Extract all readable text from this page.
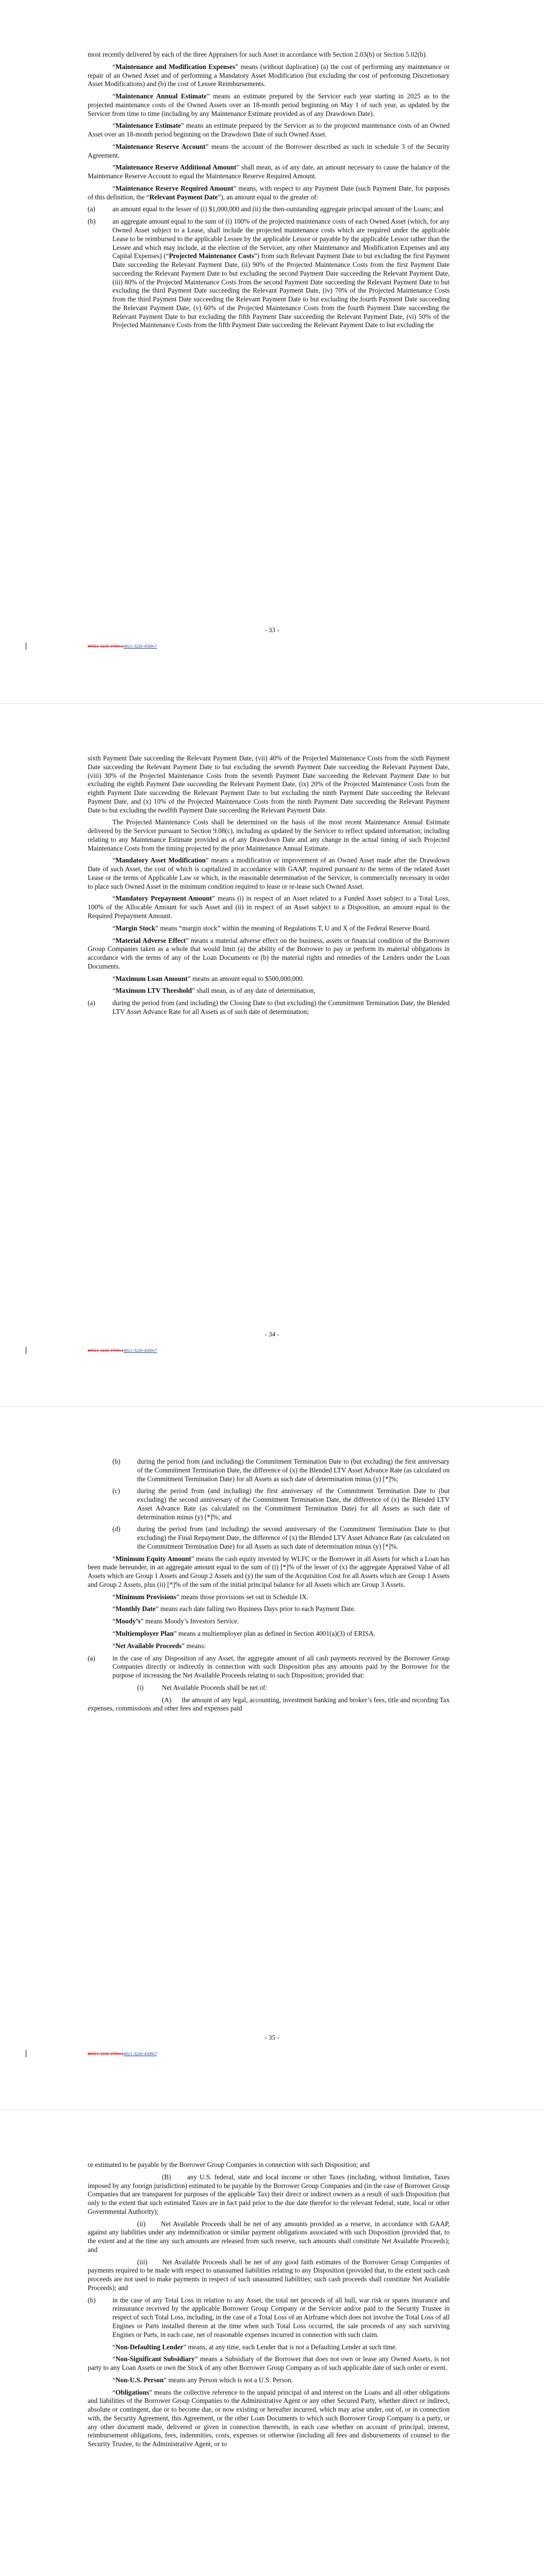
most recently delivered by each of the three Appraisers for such Asset in accordance with Section 2.03(b) or Section 5.02(b).

“Maintenance and Modification Expenses” means (without duplication) (a) the cost of performing any maintenance or repair of an Owned Asset and of performing a Mandatory Asset Modification (but excluding the cost of performing Discretionary Asset Modifications) and (b) the cost of Lessee Reimbursements.

“Maintenance Annual Estimate” means an estimate prepared by the Servicer each year starting in 2025 as to the projected maintenance costs of the Owned Assets over an 18-month period beginning on May 1 of such year, as updated by the Servicer from time to time (including by any Maintenance Estimate provided as of any Drawdown Date).

“Maintenance Estimate” means an estimate prepared by the Servicer as to the projected maintenance costs of an Owned Asset over an 18-month period beginning on the Drawdown Date of such Owned Asset.

“Maintenance Reserve Account” means the account of the Borrower described as such in schedule 3 of the Security Agreement.

“Maintenance Reserve Additional Amount” shall mean, as of any date, an amount necessary to cause the balance of the Maintenance Reserve Account to equal the Maintenance Reserve Required Amount.

“Maintenance Reserve Required Amount” means, with respect to any Payment Date (such Payment Date, for purposes of this definition, the “Relevant Payment Date”), an amount equal to the greater of:

(a)	an amount equal to the lesser of (i) $1,000,000 and (ii) the then-outstanding aggregate principal amount of the Loans; and
(b)	an aggregate amount equal to the sum of (i) 100% of the projected maintenance costs of each Owned Asset (which, for any Owned Asset subject to a Lease, shall include the projected maintenance costs which are required under the applicable Lease to be reimbursed to the applicable Lessee by the applicable Lessor or payable by the applicable Lessor rather than the Lessee and which may include, at the election of the Servicer, any other Maintenance and Modification Expenses and any Capital Expenses) (“Projected Maintenance Costs”) from such Relevant Payment Date to but excluding the first Payment Date succeeding the Relevant Payment Date, (ii) 90% of the Projected Maintenance Costs from the first Payment Date succeeding the Relevant Payment Date to but excluding the second Payment Date succeeding the Relevant Payment Date, (iii) 80% of the Projected Maintenance Costs from the second Payment Date succeeding the Relevant Payment Date to but excluding the third Payment Date succeeding the Relevant Payment Date, (iv) 70% of the Projected Maintenance Costs from the third Payment Date succeeding the Relevant Payment Date to but excluding the fourth Payment Date succeeding the Relevant Payment Date, (v) 60% of the Projected Maintenance Costs from the fourth Payment Date succeeding the Relevant Payment Date to but excluding the fifth Payment Date succeeding the Relevant Payment Date, (vi) 50% of the Projected Maintenance Costs from the fifth Payment Date succeeding the Relevant Payment Date to but excluding the
- 33 -
#0021-3226-1990v14921-3226-4509v7

sixth Payment Date succeeding the Relevant Payment Date, (vii) 40% of the Projected Maintenance Costs from the sixth Payment Date succeeding the Relevant Payment Date to but excluding the seventh Payment Date succeeding the Relevant Payment Date, (viii) 30% of the Projected Maintenance Costs from the seventh Payment Date succeeding the Relevant Payment Date to but excluding the eighth Payment Date succeeding the Relevant Payment Date, (ix) 20% of the Projected Maintenance Costs from the eighth Payment Date succeeding the Relevant Payment Date to but excluding the ninth Payment Date succeeding the Relevant Payment Date, and (x) 10% of the Projected Maintenance Costs from the ninth Payment Date succeeding the Relevant Payment Date to but excluding the twelfth Payment Date succeeding the Relevant Payment Date.

The Projected Maintenance Costs shall be determined on the basis of the most recent Maintenance Annual Estimate delivered by the Servicer pursuant to Section 9.08(c), including as updated by the Servicer to reflect updated information; including relating to any Maintenance Estimate provided as of any Drawdown Date and any change in the actual timing of such Projected Maintenance Costs from the timing projected by the prior Maintenance Annual Estimate.

“Mandatory Asset Modification” means a modification or improvement of an Owned Asset made after the Drawdown Date of such Asset, the cost of which is capitalized in accordance with GAAP, required pursuant to the terms of the related Asset Lease or the terms of Applicable Law or which, in the reasonable determination of the Servicer, is commercially necessary in order to place such Owned Asset in the minimum condition required to lease or re-lease such Owned Asset.

“Mandatory Prepayment Amount” means (i) in respect of an Asset related to a Funded Asset subject to a Total Loss, 100% of the Allocable Amount for such Asset and (ii) in respect of an Asset subject to a Disposition, an amount equal to the Required Prepayment Amount.

“Margin Stock” means “margin stock” within the meaning of Regulations T, U and X of the Federal Reserve Board.

“Material Adverse Effect” means a material adverse effect on the business, assets or financial condition of the Borrower Group Companies taken as a whole that would limit (a) the ability of the Borrower to pay or perform its material obligations in accordance with the terms of any of the Loan Documents or (b) the material rights and remedies of the Lenders under the Loan Documents.

“Maximum Loan Amount” means an amount equal to $500,000,000.

“Maximum LTV Threshold” shall mean, as of any date of determination,

(a)	during the period from (and including) the Closing Date to (but excluding) the Commitment Termination Date, the Blended LTV Asset Advance Rate for all Assets as of such date of determination;
- 34 -
#0021-3226-1990v14921-3226-4509v7
(b)	during the period from (and including) the Commitment Termination Date to (but excluding) the first anniversary of the Commitment Termination Date, the difference of (x) the Blended LTV Asset Advance Rate (as calculated on the Commitment Termination Date) for all Assets as such date of determination minus (y) [*]%;
(c)	during the period from (and including) the first anniversary of the Commitment Termination Date to (but excluding) the second anniversary of the Commitment Termination Date, the difference of (x) the Blended LTV Asset Advance Rate (as calculated on the Commitment Termination Date) for all Assets as such date of determination minus (y) [*]%; and
(d)	during the period from (and including) the second anniversary of the Commitment Termination Date to (but excluding) the Final Repayment Date, the difference of (x) the Blended LTV Asset Advance Rate (as calculated on the Commitment Termination Date) for all Assets as such date of determination minus (y) [*]%.

“Minimum Equity Amount” means the cash equity invested by WLFC or the Borrower in all Assets for which a Loan has been made hereunder, in an aggregate amount equal to the sum of (i) [*]% of the lesser of (x) the aggregate Appraised Value of all Assets which are Group 1 Assets and Group 2 Assets and (y) the sum of the Acquisition Cost for all Assets which are Group 1 Assets and Group 2 Assets, plus (ii) [*]% of the sum of the initial principal balance for all Assets which are Group 3 Assets.

“Minimum Provisions” means those provisions set out in Schedule IX.

“Monthly Date” means each date falling two Business Days prior to each Payment Date.

“Moody’s” means Moody’s Investors Service.

“Multiemployer Plan” means a multiemployer plan as defined in Section 4001(a)(3) of ERISA.

“Net Available Proceeds” means:

(a)	in the case of any Disposition of any Asset, the aggregate amount of all cash payments received by the Borrower Group Companies directly or indirectly in connection with such Disposition plus any amounts paid by the Borrower for the purpose of increasing the Net Available Proceeds relating to such Disposition; provided that:
(i)	Net Available Proceeds shall be net of:

(A) the amount of any legal, accounting, investment banking and broker’s fees, title and recording Tax expenses, commissions and other fees and expenses paid

- 35 -
#0021-3226-1990v14921-3226-4509v7

or estimated to be payable by the Borrower Group Companies in connection with such Disposition; and

(B) any U.S. federal, state and local income or other Taxes (including, without limitation, Taxes imposed by any foreign jurisdiction) estimated to be payable by the Borrower Group Companies and (in the case of Borrower Group Companies that are transparent for purposes of the applicable Tax) their direct or indirect owners as a result of such Disposition (but only to the extent that such estimated Taxes are in fact paid prior to the due date therefor to the relevant federal, state, local or other Governmental Authority);

(ii) Net Available Proceeds shall be net of any amounts provided as a reserve, in accordance with GAAP, against any liabilities under any indemnification or similar payment obligations associated with such Disposition (provided that, to the extent and at the time any such amounts are released from such reserve, such amounts shall constitute Net Available Proceeds); and

(iii) Net Available Proceeds shall be net of any good faith estimates of the Borrower Group Companies of payments required to be made with respect to unassumed liabilities relating to any Disposition (provided that, to the extent such cash proceeds are not used to make payments in respect of such unassumed liabilities; such cash proceeds shall constitute Net Available Proceeds); and

(b)	in the case of any Total Loss in relation to any Asset, the total net proceeds of all hull, war risk or spares insurance and reinsurance received by the applicable Borrower Group Company or the Servicer and/or paid to the Security Trustee in respect of such Total Loss, including, in the case of a Total Loss of an Airframe which does not involve the Total Loss of all Engines or Parts installed thereon at the time when such Total Loss occurred, the sale proceeds of any such surviving Engines or Parts, in each case, net of reasonable expenses incurred in connection with such claim.

“Non-Defaulting Lender” means, at any time, each Lender that is not a Defaulting Lender at such time.

“Non-Significant Subsidiary” means a Subsidiary of the Borrower that does not own or lease any Owned Assets, is not party to any Loan Assets or own the Stock of any other Borrower Group Company as of such applicable date of such order or event.

“Non-U.S. Person” means any Person which is not a U.S. Person.

“Obligations” means the collective reference to the unpaid principal of and interest on the Loans and all other obligations and liabilities of the Borrower Group Companies to the Administrative Agent or any other Secured Party, whether direct or indirect, absolute or contingent, due or to become due, or now existing or hereafter incurred, which may arise under, out of, or in connection with, the Security Agreement, this Agreement, or the other Loan Documents to which such Borrower Group Company is a party, or any other document made, delivered or given in connection therewith, in each case whether on account of principal, interest, reimbursement obligations, fees, indemnities, costs, expenses or otherwise (including all fees and disbursements of counsel to the Security Trustee, to the Administrative Agent, or to
